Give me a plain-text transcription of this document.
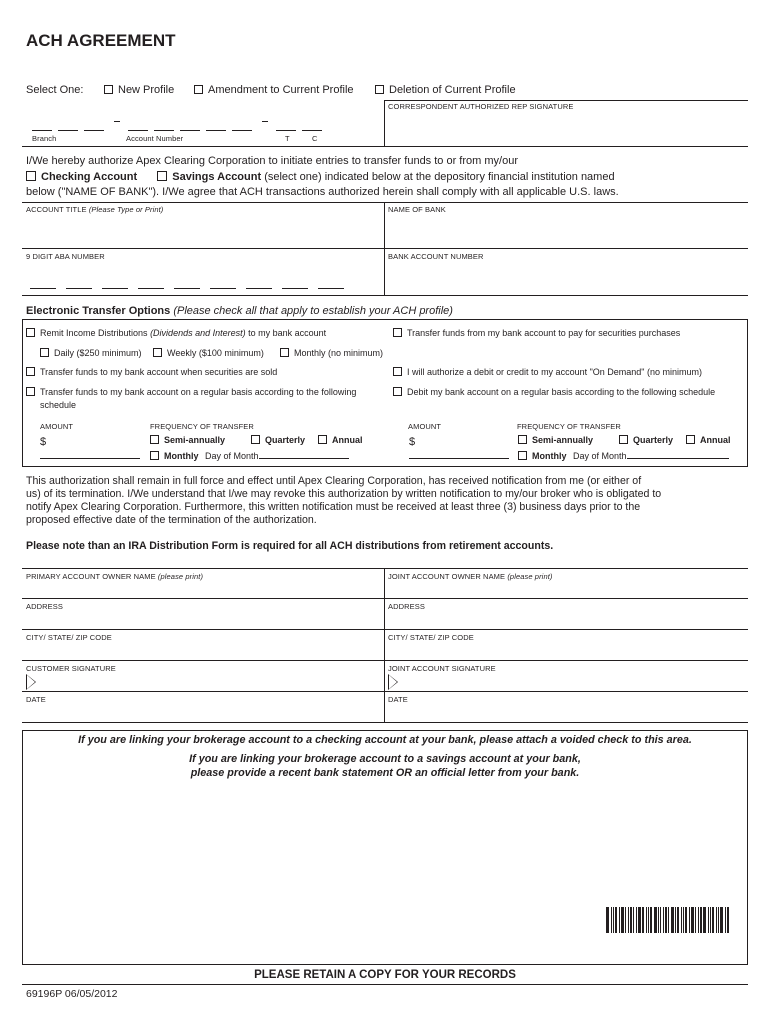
ACH AGREEMENT
Select One:	New Profile	Amendment to Current Profile	Deletion of Current Profile
CORRESPONDENT AUTHORIZED REP SIGNATURE
Branch	Account Number	T	C
I/We hereby authorize Apex Clearing Corporation to initiate entries to transfer funds to or from my/our
Checking Account	Savings Account (select one) indicated below at the depository financial institution named
below ("NAME OF BANK"). I/We agree that ACH transactions authorized herein shall comply with all applicable U.S. laws.
ACCOUNT TITLE (Please Type or Print)	NAME OF BANK
9 DIGIT ABA NUMBER	BANK ACCOUNT NUMBER
Electronic Transfer Options (Please check all that apply to establish your ACH profile)
Remit Income Distributions (Dividends and Interest) to my bank account
Daily ($250 minimum)	Weekly ($100 minimum)	Monthly (no minimum)
Transfer funds to my bank account when securities are sold
Transfer funds to my bank account on a regular basis according to the following
schedule
Transfer funds from my bank account to pay for securities purchases
I will authorize a debit or credit to my account "On Demand" (no minimum)
Debit my bank account on a regular basis according to the following schedule
AMOUNT	FREQUENCY OF TRANSFER
$	Semi-annually	Quarterly	Annual
Monthly Day of Month
AMOUNT	FREQUENCY OF TRANSFER
$	Semi-annually	Quarterly	Annual
Monthly Day of Month
This authorization shall remain in full force and effect until Apex Clearing Corporation, has received notification from me (or either of
us) of its termination. I/We understand that I/we may revoke this authorization by written notification to my/our broker who is obligated to
notify Apex Clearing Corporation. Furthermore, this written notification must be received at least three (3) business days prior to the
proposed effective date of the termination of the authorization.
Please note than an IRA Distribution Form is required for all ACH distributions from retirement accounts.
PRIMARY ACCOUNT OWNER NAME (please print)	JOINT ACCOUNT OWNER NAME (please print)
ADDRESS	ADDRESS
CITY/ STATE/ ZIP CODE	CITY/ STATE/ ZIP CODE
CUSTOMER SIGNATURE	JOINT ACCOUNT SIGNATURE
DATE	DATE
If you are linking your brokerage account to a checking account at your bank, please attach a voided check to this area.
If you are linking your brokerage account to a savings account at your bank,
please provide a recent bank statement OR an official letter from your bank.
PLEASE RETAIN A COPY FOR YOUR RECORDS
69196P 06/05/2012
